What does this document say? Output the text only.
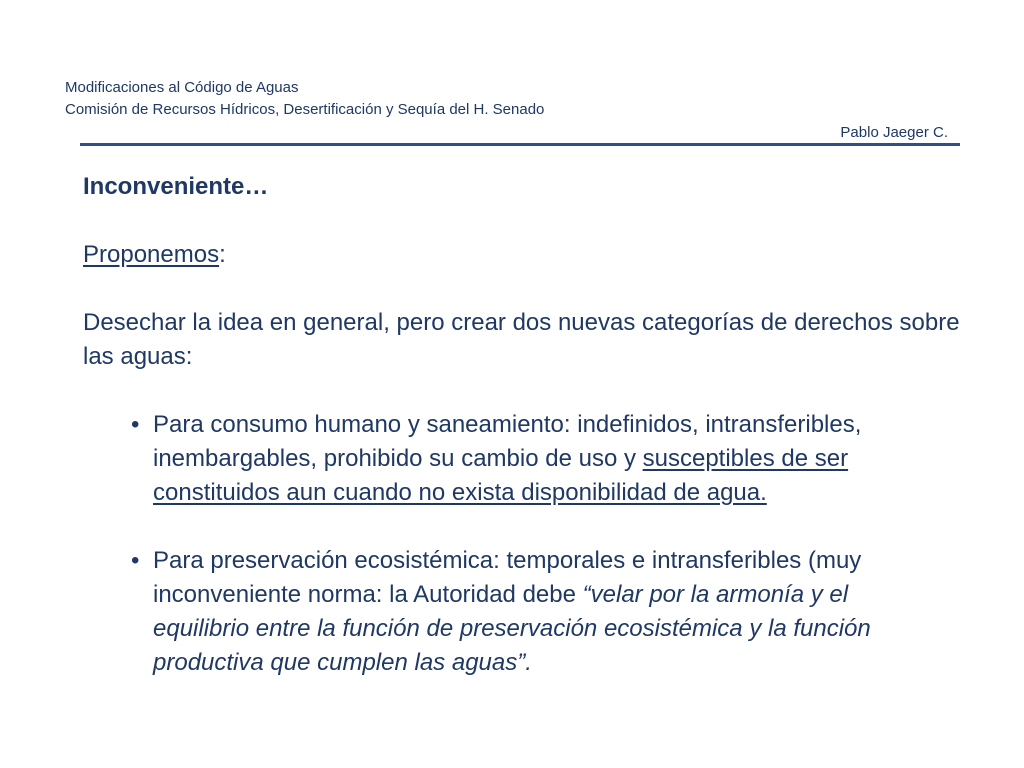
Modificaciones al Código de Aguas
Comisión de Recursos Hídricos, Desertificación y Sequía del H. Senado
Pablo Jaeger C.

Inconveniente…

Proponemos:

Desechar la idea en general, pero crear dos nuevas categorías de derechos sobre las aguas:

• Para consumo humano y saneamiento: indefinidos, intransferibles, inembargables, prohibido su cambio de uso y susceptibles de ser constituidos aun cuando no exista disponibilidad de agua.
• Para preservación ecosistémica: temporales e intransferibles (muy inconveniente norma: la Autoridad debe “velar por la armonía y el equilibrio entre la función de preservación ecosistémica y la función productiva que cumplen las aguas”.
